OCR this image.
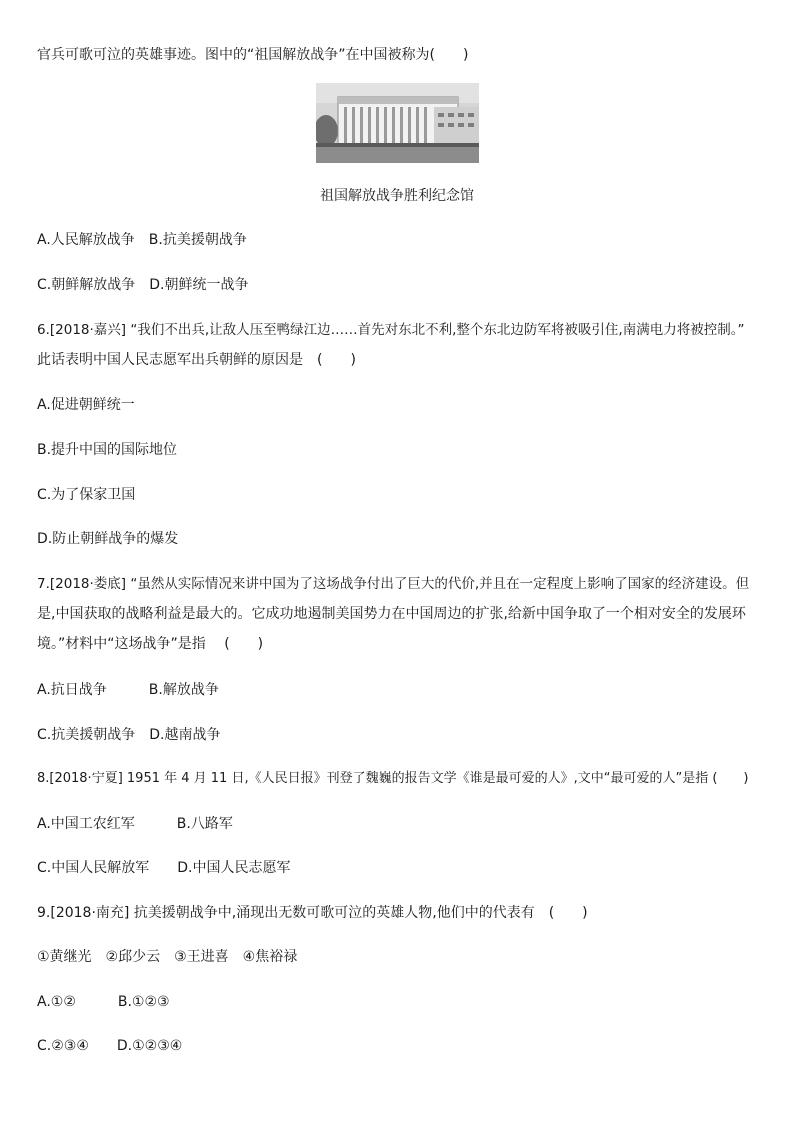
官兵可歌可泣的英雄事迹。图中的“祖国解放战争”在中国被称为(　　)
祖国解放战争胜利纪念馆
A.人民解放战争　B.抗美援朝战争
C.朝鲜解放战争　D.朝鲜统一战争
6.[2018·嘉兴] “我们不出兵,让敌人压至鸭绿江边……首先对东北不利,整个东北边防军将被吸引住,南满电力将被控制。”
此话表明中国人民志愿军出兵朝鲜的原因是　(　　)
A.促进朝鲜统一
B.提升中国的国际地位
C.为了保家卫国
D.防止朝鲜战争的爆发
7.[2018·娄底] “虽然从实际情况来讲中国为了这场战争付出了巨大的代价,并且在一定程度上影响了国家的经济建设。但
是,中国获取的战略利益是最大的。它成功地遏制美国势力在中国周边的扩张,给新中国争取了一个相对安全的发展环
境。”材料中“这场战争”是指　 (　　)
A.抗日战争　　　B.解放战争
C.抗美援朝战争　D.越南战争
8.[2018·宁夏] 1951 年 4 月 11 日,《人民日报》刊登了魏巍的报告文学《谁是最可爱的人》,文中“最可爱的人”是指 (　　)
A.中国工农红军　　　B.八路军
C.中国人民解放军　　D.中国人民志愿军
9.[2018·南充] 抗美援朝战争中,涌现出无数可歌可泣的英雄人物,他们中的代表有　(　　)
①黄继光　②邱少云　③王进喜　④焦裕禄
A.①②　　　B.①②③
C.②③④　　D.①②③④
